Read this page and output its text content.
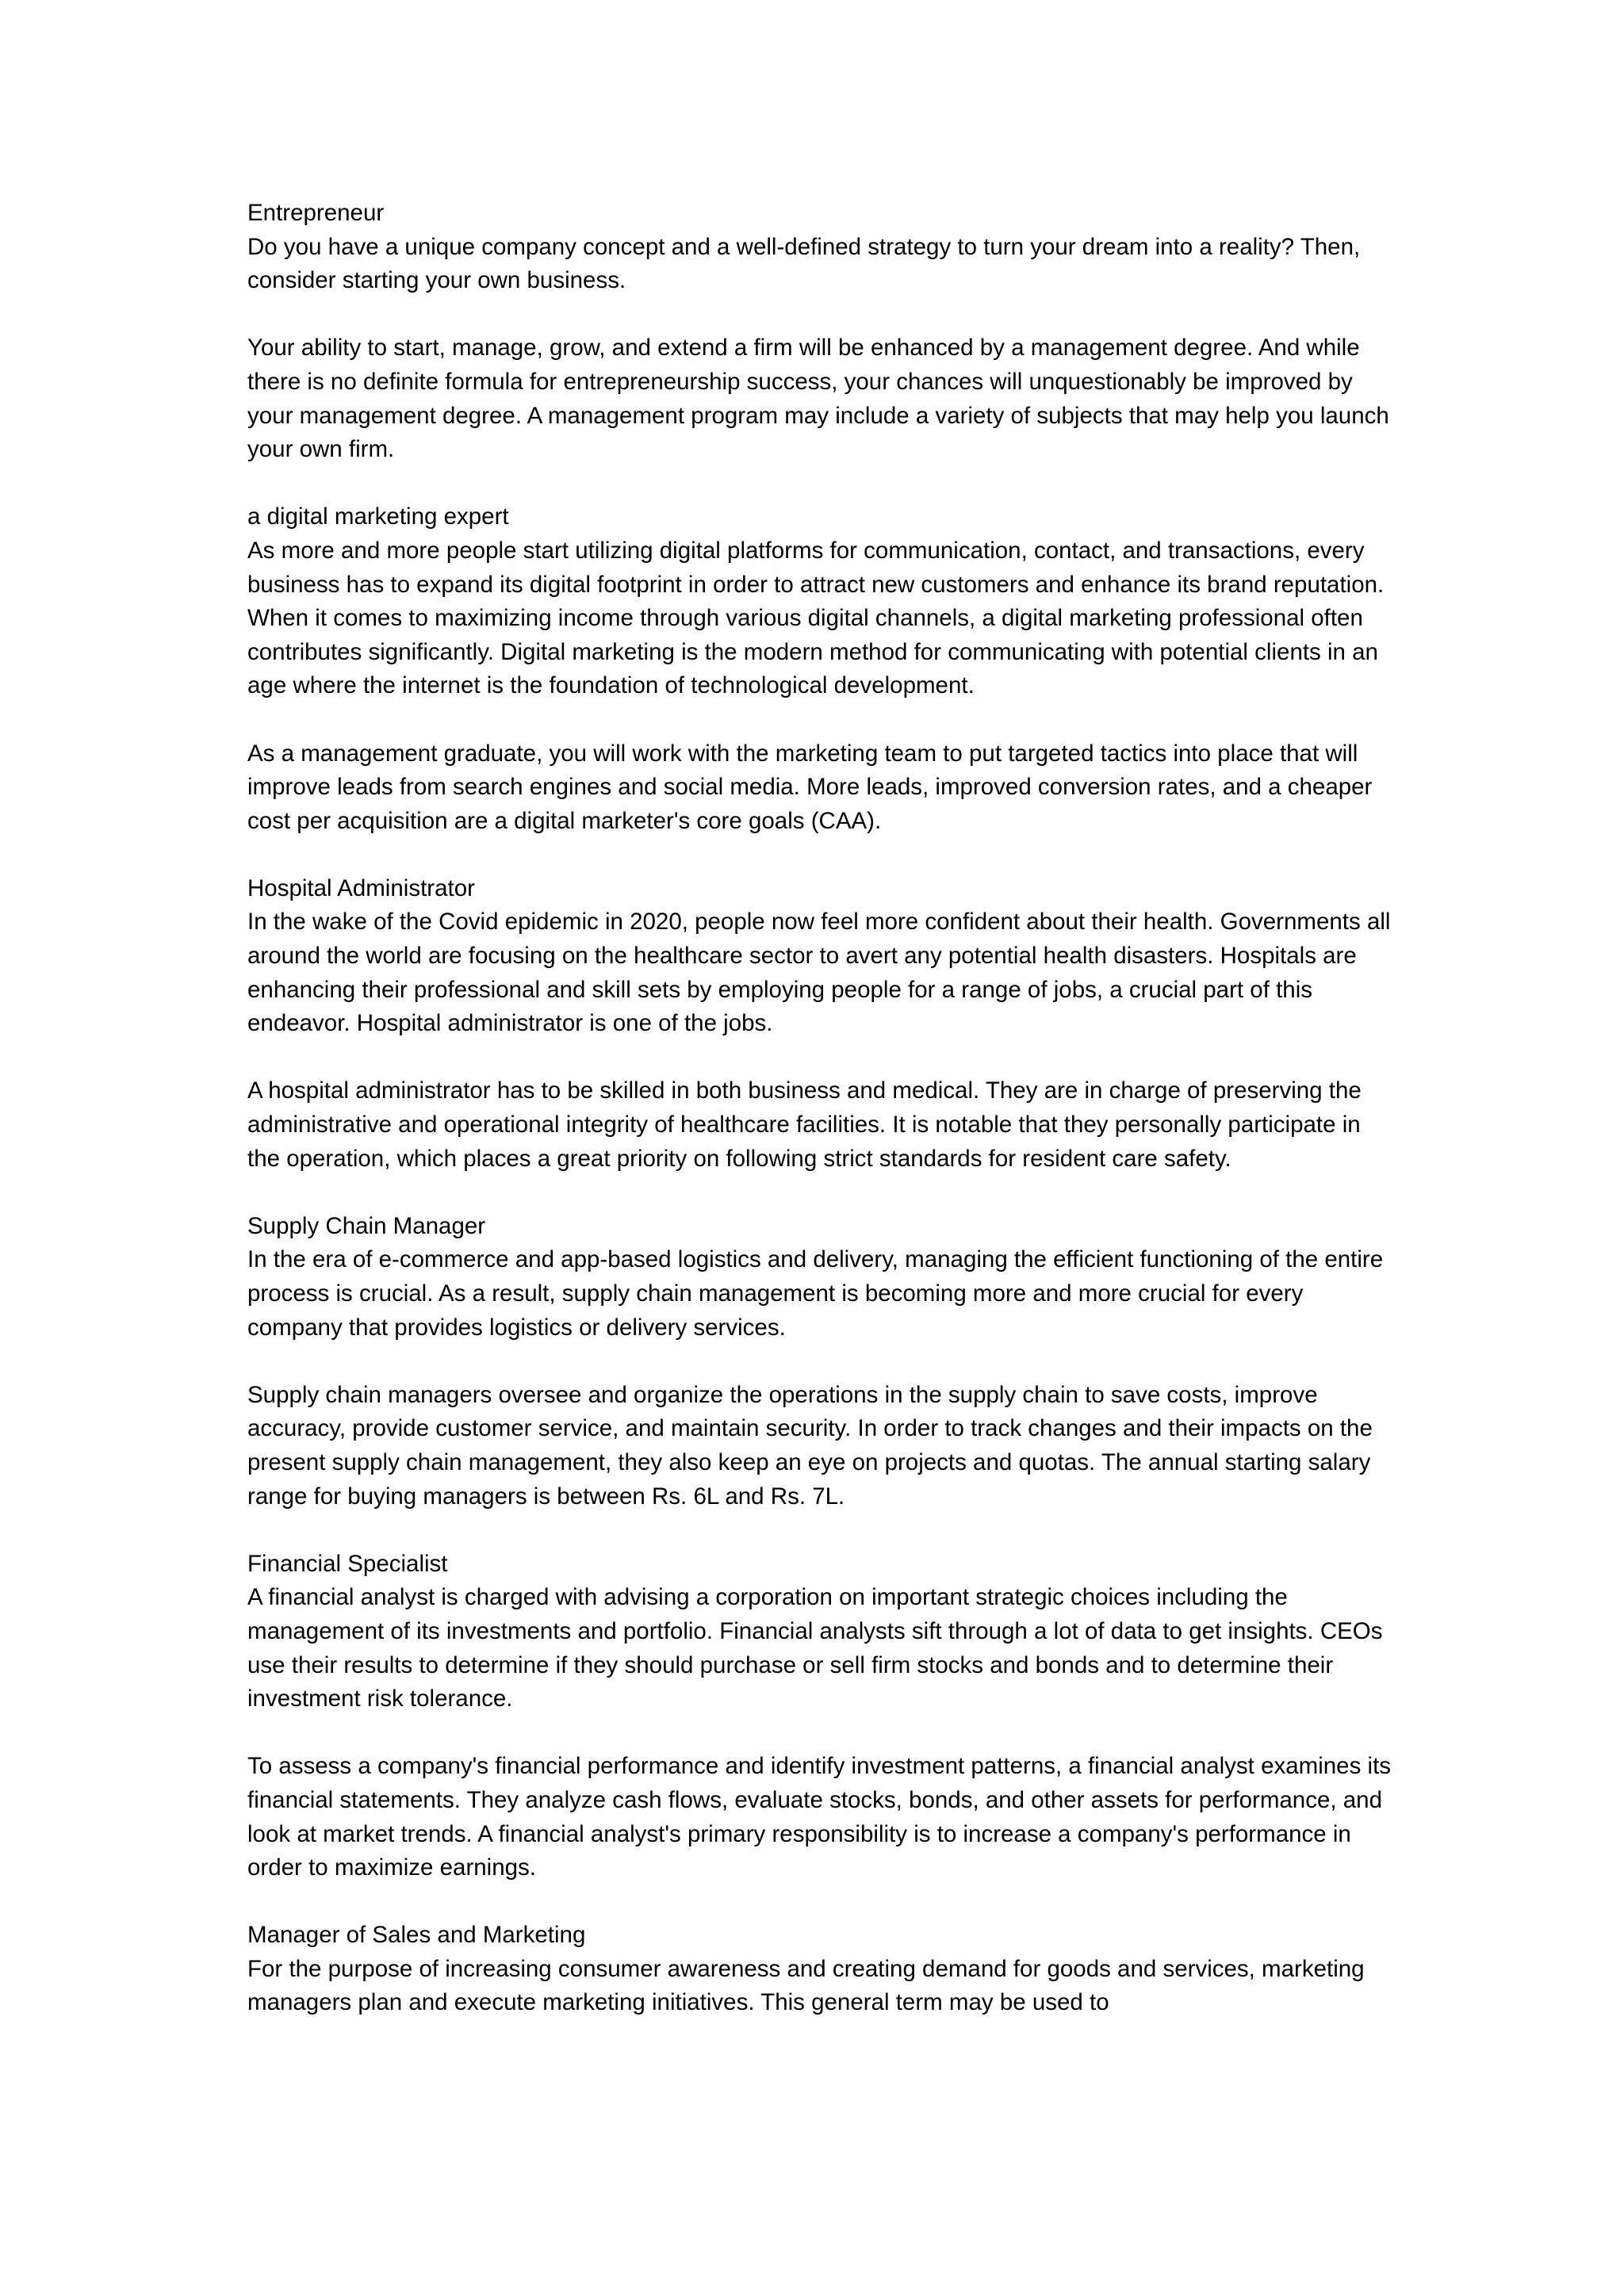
Entrepreneur
Do you have a unique company concept and a well-defined strategy to turn your dream into a reality? Then, consider starting your own business.
Your ability to start, manage, grow, and extend a firm will be enhanced by a management degree. And while there is no definite formula for entrepreneurship success, your chances will unquestionably be improved by your management degree. A management program may include a variety of subjects that may help you launch your own firm.
a digital marketing expert
As more and more people start utilizing digital platforms for communication, contact, and transactions, every business has to expand its digital footprint in order to attract new customers and enhance its brand reputation. When it comes to maximizing income through various digital channels, a digital marketing professional often contributes significantly. Digital marketing is the modern method for communicating with potential clients in an age where the internet is the foundation of technological development.
As a management graduate, you will work with the marketing team to put targeted tactics into place that will improve leads from search engines and social media. More leads, improved conversion rates, and a cheaper cost per acquisition are a digital marketer's core goals (CAA).
Hospital Administrator
In the wake of the Covid epidemic in 2020, people now feel more confident about their health. Governments all around the world are focusing on the healthcare sector to avert any potential health disasters. Hospitals are enhancing their professional and skill sets by employing people for a range of jobs, a crucial part of this endeavor. Hospital administrator is one of the jobs.
A hospital administrator has to be skilled in both business and medical. They are in charge of preserving the administrative and operational integrity of healthcare facilities. It is notable that they personally participate in the operation, which places a great priority on following strict standards for resident care safety.
Supply Chain Manager
In the era of e-commerce and app-based logistics and delivery, managing the efficient functioning of the entire process is crucial. As a result, supply chain management is becoming more and more crucial for every company that provides logistics or delivery services.
Supply chain managers oversee and organize the operations in the supply chain to save costs, improve accuracy, provide customer service, and maintain security. In order to track changes and their impacts on the present supply chain management, they also keep an eye on projects and quotas. The annual starting salary range for buying managers is between Rs. 6L and Rs. 7L.
Financial Specialist
A financial analyst is charged with advising a corporation on important strategic choices including the management of its investments and portfolio. Financial analysts sift through a lot of data to get insights. CEOs use their results to determine if they should purchase or sell firm stocks and bonds and to determine their investment risk tolerance.
To assess a company's financial performance and identify investment patterns, a financial analyst examines its financial statements. They analyze cash flows, evaluate stocks, bonds, and other assets for performance, and look at market trends. A financial analyst's primary responsibility is to increase a company's performance in order to maximize earnings.
Manager of Sales and Marketing
For the purpose of increasing consumer awareness and creating demand for goods and services, marketing managers plan and execute marketing initiatives. This general term may be used to
